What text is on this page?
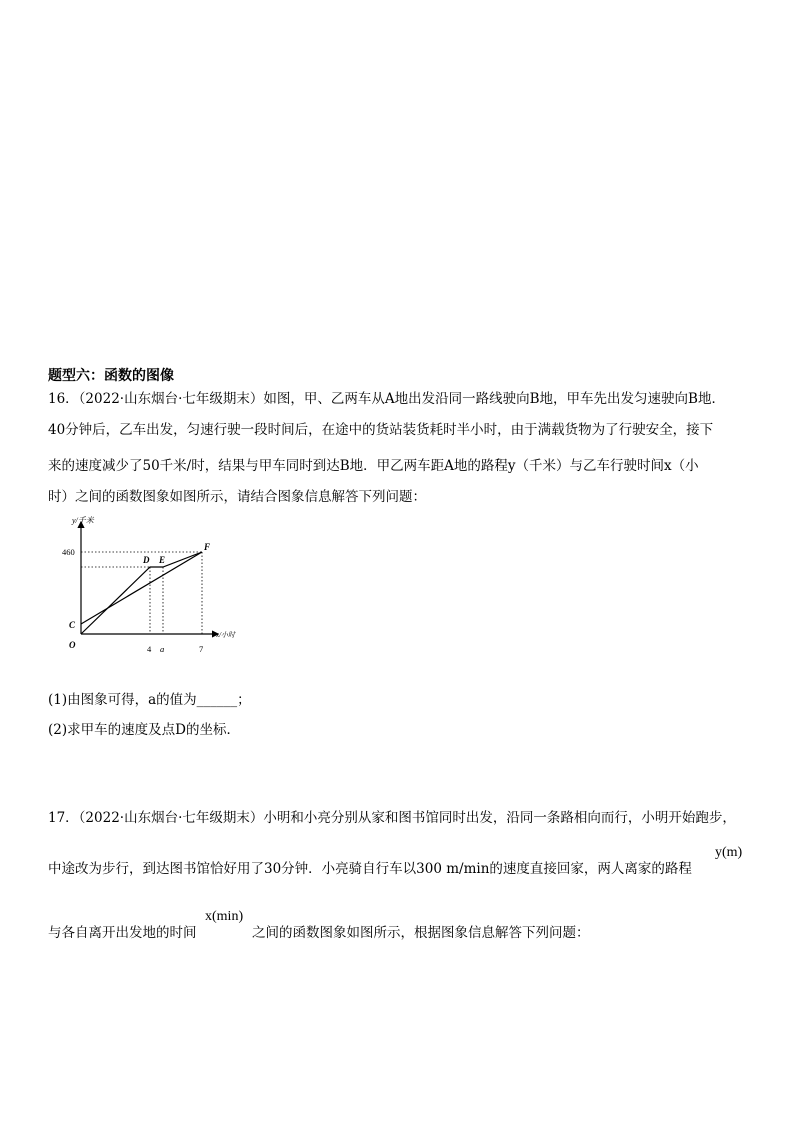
题型六：函数的图像
16．（2022·山东烟台·七年级期末）如图，甲、乙两车从A地出发沿同一路线驶向B地，甲车先出发匀速驶向B地．
40分钟后，乙车出发，匀速行驶一段时间后，在途中的货站装货耗时半小时，由于满载货物为了行驶安全，接下
来的速度减少了50千米/时，结果与甲车同时到达B地．甲乙两车距A地的路程y（千米）与乙车行驶时间x（小
时）之间的函数图象如图所示，请结合图象信息解答下列问题：
y/千米
x/小时
460
4 a	7
O
C
D E
F
(1)由图象可得，a的值为______；
(2)求甲车的速度及点D的坐标．
17．（2022·山东烟台·七年级期末）小明和小亮分别从家和图书馆同时出发，沿同一条路相向而行，小明开始跑步，
中途改为步行，到达图书馆恰好用了30分钟．小亮骑自行车以300 m/min的速度直接回家，两人离家的路程
y(m)
与各自离开出发地的时间
x(min)
之间的函数图象如图所示，根据图象信息解答下列问题：
